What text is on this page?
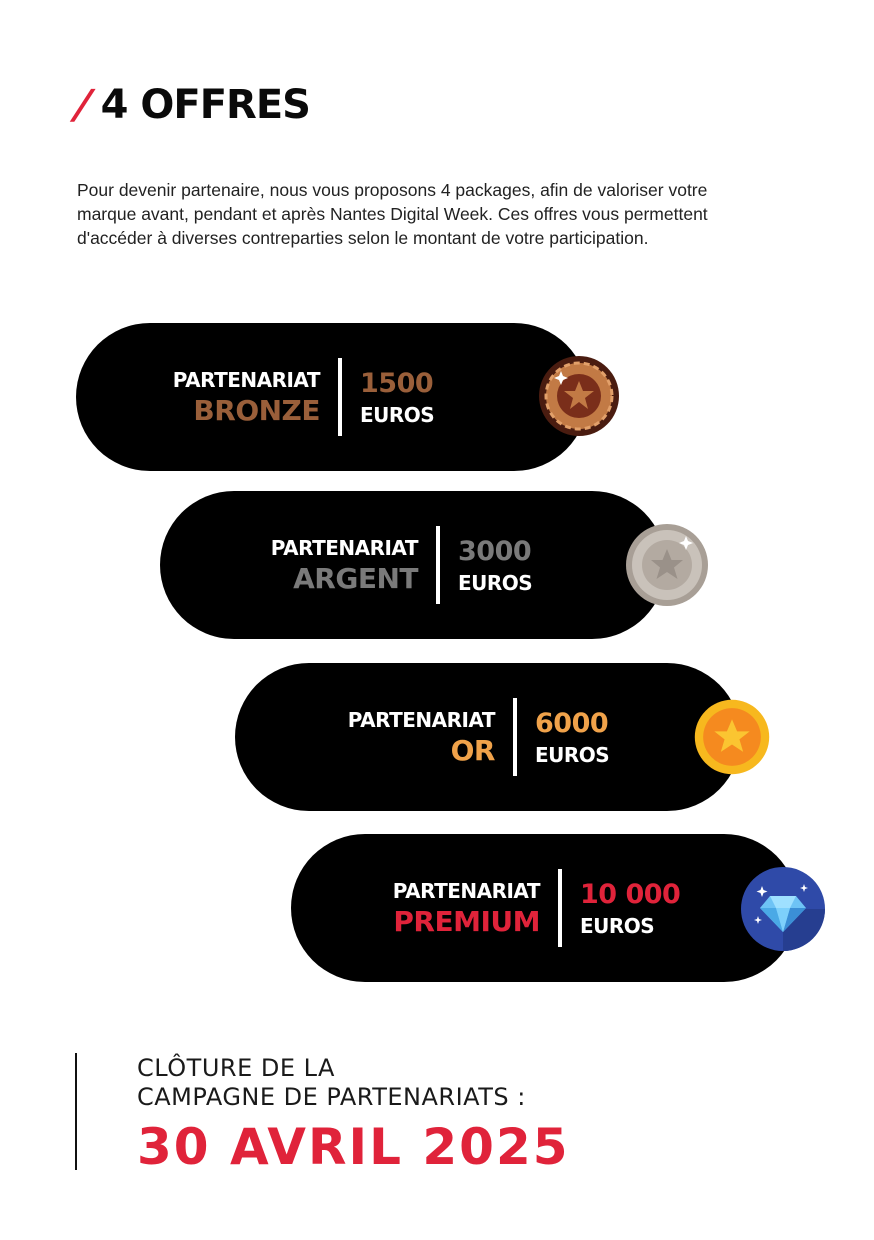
/ 4 OFFRES

Pour devenir partenaire, nous vous proposons 4 packages, afin de valoriser votre

marque avant, pendant et après Nantes Digital Week. Ces offres vous permettent

d'accéder à diverses contreparties selon le montant de votre participation.

PARTENARIAT
BRONZE
1500
EUROS
PARTENARIAT
ARGENT
3000
EUROS
PARTENARIAT
OR
6000
EUROS
PARTENARIAT
PREMIUM
10 000
EUROS
CLÔTURE DE LA
CAMPAGNE DE PARTENARIATS :
30 AVRIL 2025
